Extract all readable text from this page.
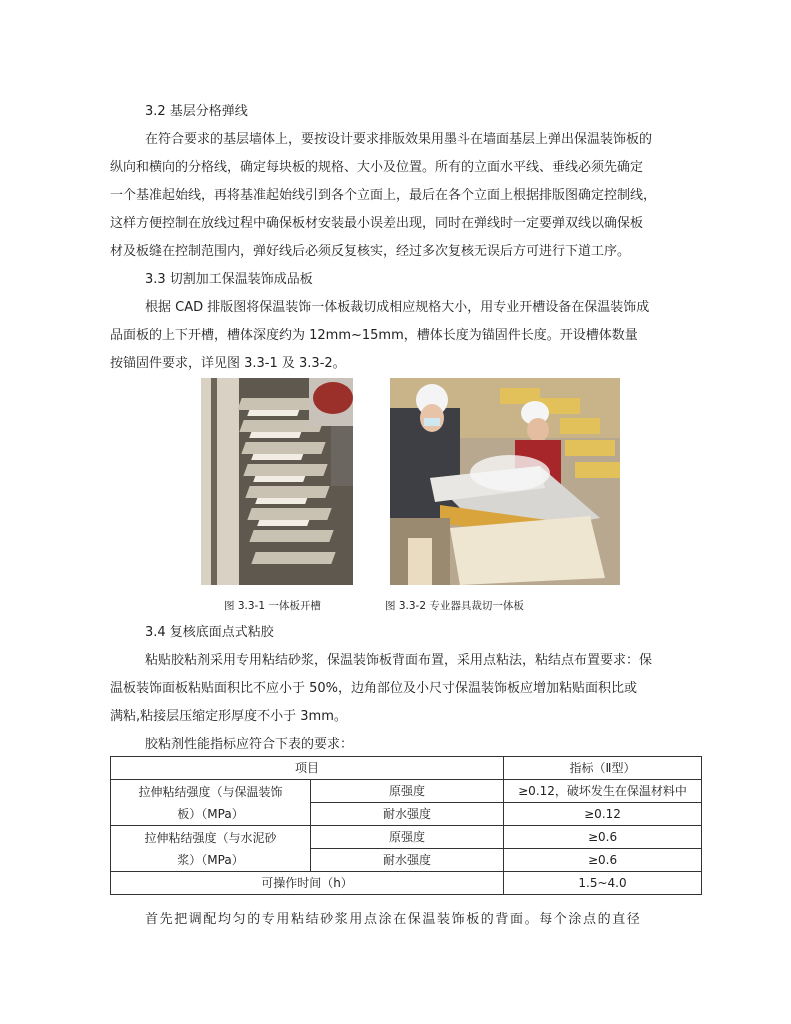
3.2 基层分格弹线
在符合要求的基层墙体上，要按设计要求排版效果用墨斗在墙面基层上弹出保温装饰板的
纵向和横向的分格线，确定每块板的规格、大小及位置。所有的立面水平线、垂线必须先确定
一个基准起始线，再将基准起始线引到各个立面上，最后在各个立面上根据排版图确定控制线，
这样方便控制在放线过程中确保板材安装最小误差出现，同时在弹线时一定要弹双线以确保板
材及板缝在控制范围内，弹好线后必须反复核实，经过多次复核无误后方可进行下道工序。
3.3 切割加工保温装饰成品板
根据 CAD 排版图将保温装饰一体板裁切成相应规格大小，用专业开槽设备在保温装饰成
品面板的上下开槽，槽体深度约为 12mm~15mm，槽体长度为锚固件长度。开设槽体数量
按锚固件要求，详见图 3.3-1 及 3.3-2。
图 3.3-1 一体板开槽	图 3.3-2 专业器具裁切一体板
3.4 复核底面点式粘胶
粘贴胶粘剂采用专用粘结砂浆，保温装饰板背面布置，采用点粘法，粘结点布置要求：保
温板装饰面板粘贴面积比不应小于 50%，边角部位及小尺寸保温装饰板应增加粘贴面积比或
满粘,粘接层压缩定形厚度不小于 3mm。
胶粘剂性能指标应符合下表的要求：
项目		指标（Ⅱ型）

拉伸粘结强度（与保温装饰
板）（MPa）	原强度	≥0.12，破坏发生在保温材料中
	耐水强度	≥0.12

拉伸粘结强度（与水泥砂
浆）（MPa）	原强度	≥0.6
	耐水强度	≥0.6
可操作时间（h）		1.5~4.0
首先把调配均匀的专用粘结砂浆用点涂在保温装饰板的背面。每个涂点的直径
